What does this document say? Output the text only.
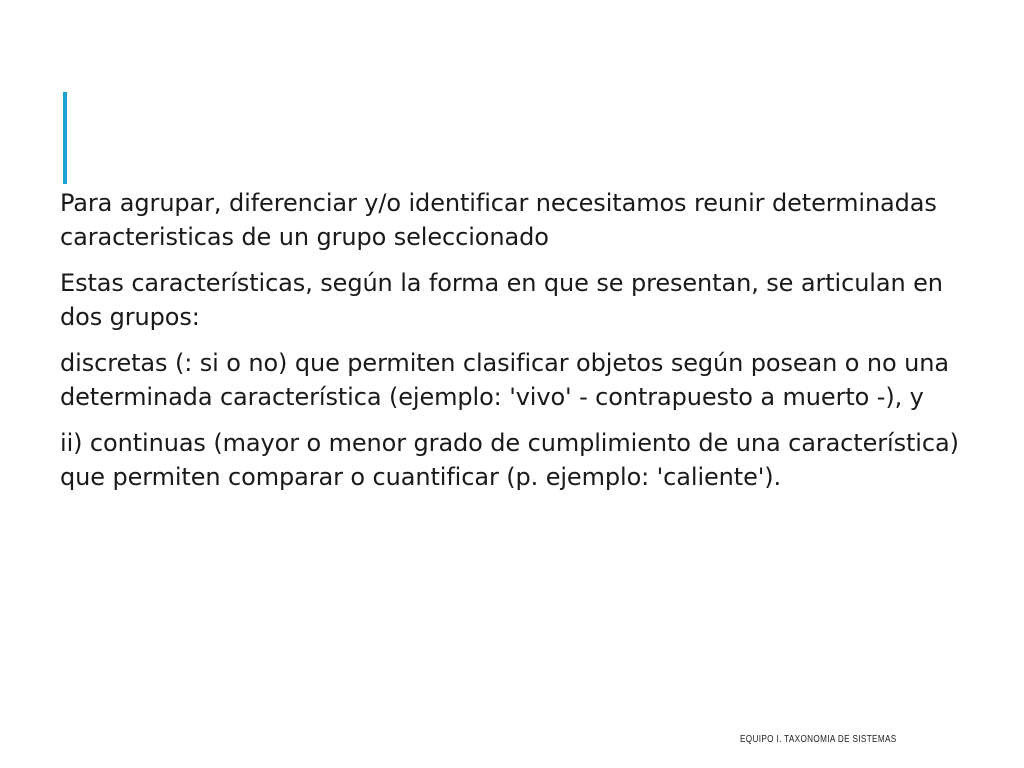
Para agrupar, diferenciar y/o identificar necesitamos reunir determinadas caracteristicas de un grupo seleccionado

Estas características, según la forma en que se presentan, se articulan en dos grupos:

discretas (: si o no) que permiten clasificar objetos según posean o no una determinada característica (ejemplo: 'vivo' - contrapuesto a muerto -), y

ii) continuas (mayor o menor grado de cumplimiento de una característica) que permiten comparar o cuantificar (p. ejemplo: 'caliente').

EQUIPO I. TAXONOMIA DE SISTEMAS
